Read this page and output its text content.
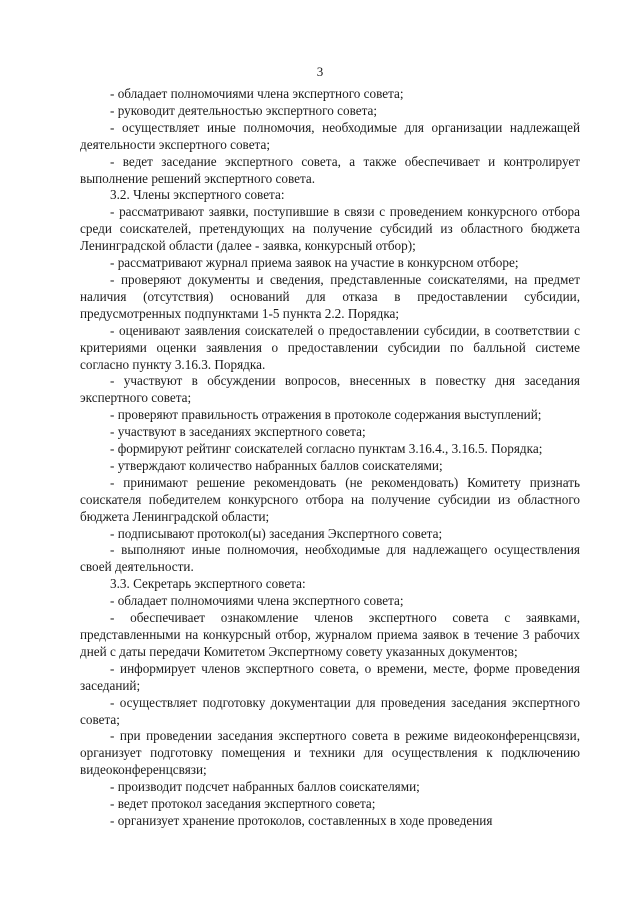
3

- обладает полномочиями члена экспертного совета;

- руководит деятельностью экспертного совета;

- осуществляет иные полномочия, необходимые для организации надлежащей деятельности экспертного совета;

- ведет заседание экспертного совета, а также обеспечивает и контролирует выполнение решений экспертного совета.

3.2. Члены экспертного совета:

- рассматривают заявки, поступившие в связи с проведением конкурсного отбора среди соискателей, претендующих на получение субсидий из областного бюджета Ленинградской области (далее - заявка, конкурсный отбор);

- рассматривают журнал приема заявок на участие в конкурсном отборе;

- проверяют документы и сведения, представленные соискателями, на предмет наличия (отсутствия) оснований для отказа в предоставлении субсидии, предусмотренных подпунктами 1-5 пункта 2.2. Порядка;

- оценивают заявления соискателей о предоставлении субсидии, в соответствии с критериями оценки заявления о предоставлении субсидии по балльной системе согласно пункту 3.16.3. Порядка.

- участвуют в обсуждении вопросов, внесенных в повестку дня заседания экспертного совета;

- проверяют правильность отражения в протоколе содержания выступлений;

- участвуют в заседаниях экспертного совета;

- формируют рейтинг соискателей согласно пунктам 3.16.4., 3.16.5. Порядка;

- утверждают количество набранных баллов соискателями;

- принимают решение рекомендовать (не рекомендовать) Комитету признать соискателя победителем конкурсного отбора на получение субсидии из областного бюджета Ленинградской области;

- подписывают протокол(ы) заседания Экспертного совета;

- выполняют иные полномочия, необходимые для надлежащего осуществления своей деятельности.

3.3. Секретарь экспертного совета:

- обладает полномочиями члена экспертного совета;

- обеспечивает ознакомление членов экспертного совета с заявками, представленными на конкурсный отбор, журналом приема заявок в течение 3 рабочих дней с даты передачи Комитетом Экспертному совету указанных документов;

- информирует членов экспертного совета, о времени, месте, форме проведения заседаний;

- осуществляет подготовку документации для проведения заседания экспертного совета;

- при проведении заседания экспертного совета в режиме видеоконференцсвязи, организует подготовку помещения и техники для осуществления к подключению видеоконференцсвязи;

- производит подсчет набранных баллов соискателями;

- ведет протокол заседания экспертного совета;

- организует хранение протоколов, составленных в ходе проведения
